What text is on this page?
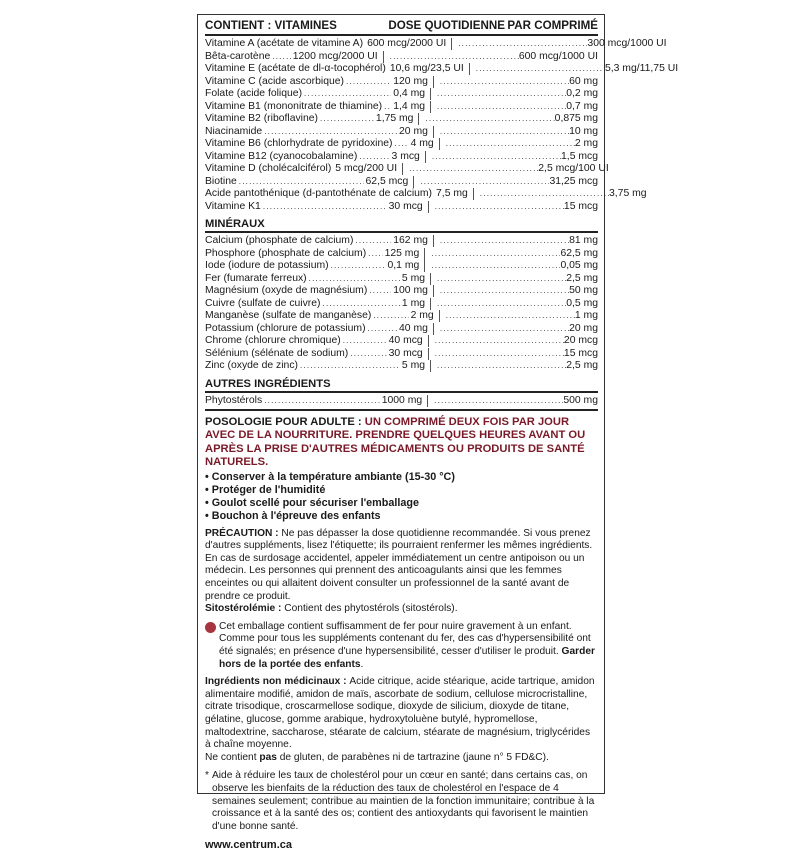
CONTIENT : VITAMINES	DOSE QUOTIDIENNE PAR COMPRIMÉ
Vitamine A (acétate de vitamine A) 600 mcg/2000 UI . . .	300 mcg/1000 UI
Bêta-carotène . . . 1200 mcg/2000 UI . . .	600 mcg/1000 UI
Vitamine E (acétate de dl-α-tocophérol) 10,6 mg/23,5 UI . . .	5,3 mg/11,75 UI
Vitamine C (acide ascorbique) . . .	120 mg . . .	60 mg
Folate (acide folique) . . .	0,4 mg . . .	0,2 mg
Vitamine B1 (mononitrate de thiamine) . . . 1,4 mg . . .	0,7 mg
Vitamine B2 (riboflavine) . . .	1,75 mg . . .	0,875 mg
Niacinamide . . .	20 mg . . .	10 mg
Vitamine B6 (chlorhydrate de pyridoxine) . . . 4 mg . . .	2 mg
Vitamine B12 (cyanocobalamine) . . .	3 mcg . . .	1,5 mcg
Vitamine D (cholécalciférol) 5 mcg/200 UI . . .	2,5 mcg/100 UI
Biotine . . .	62,5 mcg . . .	31,25 mcg
Acide pantothénique (d-pantothénate de calcium) 7,5 mg . . .	3,75 mg
Vitamine K1 . . .	30 mcg . . .	15 mcg
MINÉRAUX
Calcium (phosphate de calcium) . . .	162 mg . . .	81 mg
Phosphore (phosphate de calcium) . . . 125 mg . . .	62,5 mg
Iode (iodure de potassium) . . .	0,1 mg . . .	0,05 mg
Fer (fumarate ferreux) . . .	5 mg . . .	2,5 mg
Magnésium (oxyde de magnésium) . . . 100 mg . . .	50 mg
Cuivre (sulfate de cuivre) . . .	1 mg . . .	0,5 mg
Manganèse (sulfate de manganèse) . . .	2 mg . . .	1 mg
Potassium (chlorure de potassium) . . .	40 mg . . .	20 mg
Chrome (chlorure chromique) . . .	40 mcg . . .	20 mcg
Sélénium (sélénate de sodium) . . .	30 mcg . . .	15 mcg
Zinc (oxyde de zinc) . . .	5 mg . . .	2,5 mg
AUTRES INGRÉDIENTS
Phytostérols . . .	1000 mg . . .	500 mg
POSOLOGIE POUR ADULTE : UN COMPRIMÉ DEUX FOIS PAR JOUR AVEC DE LA NOURRITURE. PRENDRE QUELQUES HEURES AVANT OU APRÈS LA PRISE D'AUTRES MÉDICAMENTS OU PRODUITS DE SANTÉ NATURELS.
• Conserver à la température ambiante (15-30 °C)
• Protéger de l'humidité
• Goulot scellé pour sécuriser l'emballage
• Bouchon à l'épreuve des enfants
PRÉCAUTION : Ne pas dépasser la dose quotidienne recommandée. Si vous prenez d'autres suppléments, lisez l'étiquette; ils pourraient renfermer les mêmes ingrédients. En cas de surdosage accidentel, appeler immédiatement un centre antipoison ou un médecin. Les personnes qui prennent des anticoagulants ainsi que les femmes enceintes ou qui allaitent doivent consulter un professionnel de la santé avant de prendre ce produit.
Sitostérolémie : Contient des phytostérols (sitostérols).
Cet emballage contient suffisamment de fer pour nuire gravement à un enfant. Comme pour tous les suppléments contenant du fer, des cas d'hypersensibilité ont été signalés; en présence d'une hypersensibilité, cesser d'utiliser le produit. Garder hors de la portée des enfants.
Ingrédients non médicinaux : Acide citrique, acide stéarique, acide tartrique, amidon alimentaire modifié, amidon de maïs, ascorbate de sodium, cellulose microcristalline, citrate trisodique, croscarmellose sodique, dioxyde de silicium, dioxyde de titane, gélatine, glucose, gomme arabique, hydroxytoluène butylé, hypromellose, maltodextrine, saccharose, stéarate de calcium, stéarate de magnésium, triglycérides à chaîne moyenne.
Ne contient pas de gluten, de parabènes ni de tartrazine (jaune n° 5 FD&C).
* Aide à réduire les taux de cholestérol pour un cœur en santé; dans certains cas, on observe les bienfaits de la réduction des taux de cholestérol en l'espace de 4 semaines seulement; contribue au maintien de la fonction immunitaire; contribue à la croissance et à la santé des os; contient des antioxydants qui favorisent le maintien d'une bonne santé.
www.centrum.ca
